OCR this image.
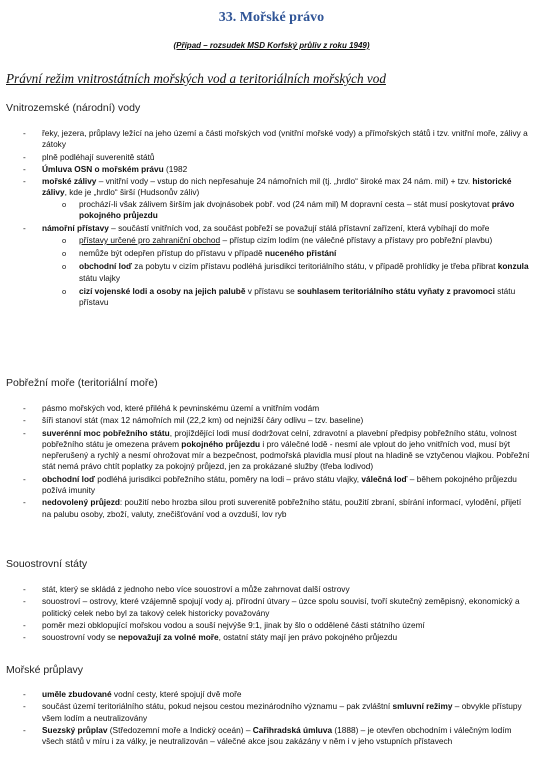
33. Mořské právo
(Případ – rozsudek MSD Korfský průliv z roku 1949)
Právní režim vnitrostátních mořských vod a teritoriálních mořských vod
Vnitrozemské (národní) vody
- řeky, jezera, průplavy ležící na jeho území a části mořských vod (vnitřní mořské vody) a přímořských států i tzv. vnitřní moře, zálivy a zátoky
- plně podléhají suverenitě států
- Úmluva OSN o mořském právu (1982
- mořské zálivy – vnitřní vody – vstup do nich nepřesahuje 24 námořních mil (tj. „hrdlo“ široké max 24 nám. mil) + tzv. historické zálivy, kde je „hrdlo“ širší (Hudsonův záliv)
o prochází-li však zálivem širším jak dvojnásobek pobř. vod (24 nám mil) M dopravní cesta – stát musí poskytovat právo pokojného průjezdu
- námořní přístavy – součástí vnitřních vod, za součást pobřeží se považují stálá přístavní zařízení, která vybíhají do moře
o přístavy určené pro zahraniční obchod – přístup cizím lodím (ne válečné přístavy a přístavy pro pobřežní plavbu)
o nemůže být odepřen přístup do přístavu v případě nuceného přistání
o obchodní loď za pobytu v cizím přístavu podléhá jurisdikci teritoriálního státu, v případě prohlídky je třeba přibrat konzula státu vlajky
o cizí vojenské lodi a osoby na jejich palubě v přístavu se souhlasem teritoriálního státu vyňaty z pravomoci státu přístavu
Pobřežní moře (teritoriální moře)
- pásmo mořských vod, které přiléhá k pevninskému území a vnitřním vodám
- šíři stanoví stát (max 12 námořních mil (22,2 km) od nejnižší čáry odlivu – tzv. baseline)
- suverénní moc pobřežního státu, projíždějící lodi musí dodržovat celní, zdravotní a plavební předpisy pobřežního státu, volnost pobřežního státu je omezena právem pokojného průjezdu i pro válečné lodě - nesmí ale vplout do jeho vnitřních vod, musí být nepřerušený a rychlý a nesmí ohrožovat mír a bezpečnost, podmořská plavidla musí plout na hladině se vztyčenou vlajkou. Pobřežní stát nemá právo chtít poplatky za pokojný průjezd, jen za prokázané služby (třeba lodivod)
- obchodní loď podléhá jurisdikci pobřežního státu, poměry na lodi – právo státu vlajky, válečná loď – během pokojného průjezdu požívá imunity
- nedovolený průjezd: použití nebo hrozba silou proti suverenitě pobřežního státu, použití zbraní, sbírání informací, vylodění, přijetí na palubu osoby, zboží, valuty, znečišťování vod a ovzduší, lov ryb
Souostrovní státy
- stát, který se skládá z jednoho nebo více souostroví a může zahrnovat další ostrovy
- souostroví – ostrovy, které vzájemně spojují vody aj. přírodní útvary – úzce spolu souvisí, tvoří skutečný zeměpisný, ekonomický a politický celek nebo byl za takový celek historicky považovány
- poměr mezi obklopující mořskou vodou a souší nejvýše 9:1, jinak by šlo o oddělené části státního území
- souostrovní vody se nepovažují za volné moře, ostatní státy mají jen právo pokojného průjezdu
Mořské průplavy
- uměle zbudované vodní cesty, které spojují dvě moře
- součást území teritoriálního státu, pokud nejsou cestou mezinárodního významu – pak zvláštní smluvní režimy – obvykle přístupy všem lodím a neutralizovány
- Suezský průplav (Středozemní moře a Indický oceán) – Cařihradská úmluva (1888) – je otevřen obchodním i válečným lodím všech států v míru i za války, je neutralizován – válečné akce jsou zakázány v něm i v jeho vstupních přístavech
